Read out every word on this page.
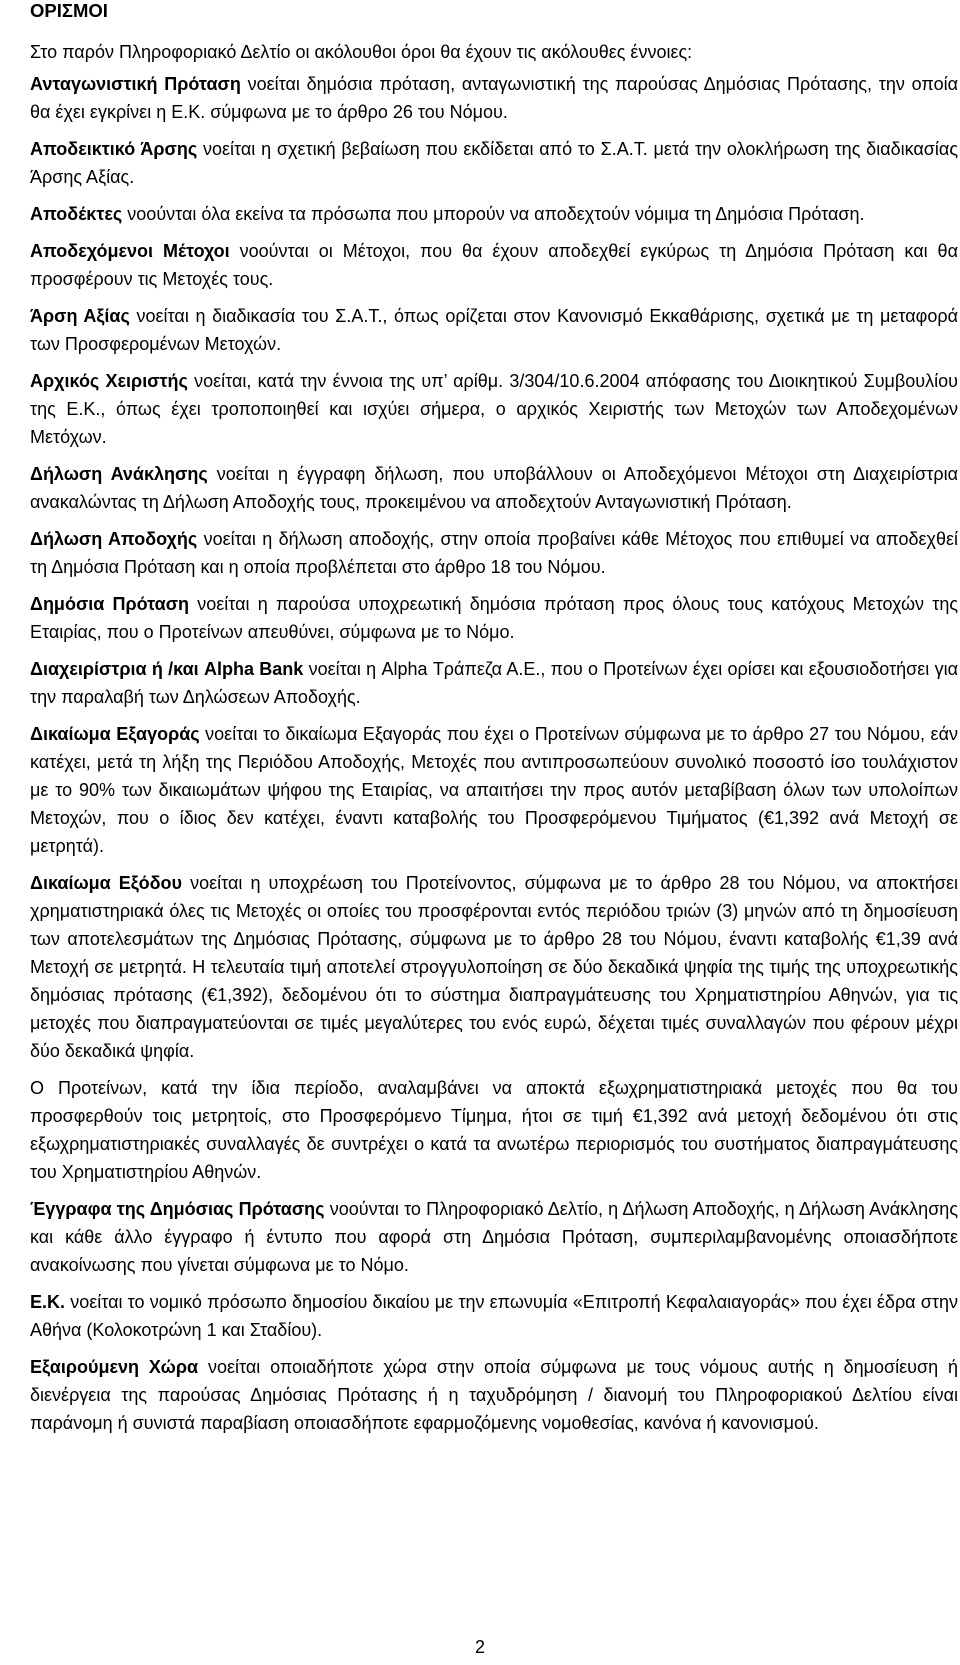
ΟΡΙΣΜΟΙ

Στο παρόν Πληροφοριακό Δελτίο οι ακόλουθοι όροι θα έχουν τις ακόλουθες έννοιες:

Ανταγωνιστική Πρόταση νοείται δημόσια πρόταση, ανταγωνιστική της παρούσας Δημόσιας Πρότασης, την οποία θα έχει εγκρίνει η Ε.Κ. σύμφωνα με το άρθρο 26 του Νόμου.

Αποδεικτικό Άρσης νοείται η σχετική βεβαίωση που εκδίδεται από το Σ.Α.Τ. μετά την ολοκλήρωση της διαδικασίας Άρσης Αξίας.

Αποδέκτες νοούνται όλα εκείνα τα πρόσωπα που μπορούν να αποδεχτούν νόμιμα τη Δημόσια Πρόταση.

Αποδεχόμενοι Μέτοχοι νοούνται οι Μέτοχοι, που θα έχουν αποδεχθεί εγκύρως τη Δημόσια Πρόταση και θα προσφέρουν τις Μετοχές τους.

Άρση Αξίας νοείται η διαδικασία του Σ.Α.Τ., όπως ορίζεται στον Κανονισμό Εκκαθάρισης, σχετικά με τη μεταφορά των Προσφερομένων Μετοχών.

Αρχικός Χειριστής νοείται, κατά την έννοια της υπ’ αρίθμ. 3/304/10.6.2004 απόφασης του Διοικητικού Συμβουλίου της Ε.Κ., όπως έχει τροποποιηθεί και ισχύει σήμερα, ο αρχικός Χειριστής των Μετοχών των Αποδεχομένων Μετόχων.

Δήλωση Ανάκλησης νοείται η έγγραφη δήλωση, που υποβάλλουν οι Αποδεχόμενοι Μέτοχοι στη Διαχειρίστρια ανακαλώντας τη Δήλωση Αποδοχής τους, προκειμένου να αποδεχτούν Ανταγωνιστική Πρόταση.

Δήλωση Αποδοχής νοείται η δήλωση αποδοχής, στην οποία προβαίνει κάθε Μέτοχος που επιθυμεί να αποδεχθεί τη Δημόσια Πρόταση και η οποία προβλέπεται στο άρθρο 18 του Νόμου.

Δημόσια Πρόταση νοείται η παρούσα υποχρεωτική δημόσια πρόταση προς όλους τους κατόχους Μετοχών της Εταιρίας, που ο Προτείνων απευθύνει, σύμφωνα με το Νόμο.

Διαχειρίστρια ή /και Alpha Bank νοείται η Alpha Τράπεζα Α.Ε., που ο Προτείνων έχει ορίσει και εξουσιοδοτήσει για την παραλαβή των Δηλώσεων Αποδοχής.

Δικαίωμα Εξαγοράς νοείται το δικαίωμα Εξαγοράς που έχει ο Προτείνων σύμφωνα με το άρθρο 27 του Νόμου, εάν κατέχει, μετά τη λήξη της Περιόδου Αποδοχής, Μετοχές που αντιπροσωπεύουν συνολικό ποσοστό ίσο τουλάχιστον με το 90% των δικαιωμάτων ψήφου της Εταιρίας, να απαιτήσει την προς αυτόν μεταβίβαση όλων των υπολοίπων Μετοχών, που ο ίδιος δεν κατέχει, έναντι καταβολής του Προσφερόμενου Τιμήματος (€1,392 ανά Μετοχή σε μετρητά).

Δικαίωμα Εξόδου νοείται η υποχρέωση του Προτείνοντος, σύμφωνα με το άρθρο 28 του Νόμου, να αποκτήσει χρηματιστηριακά όλες τις Μετοχές οι οποίες του προσφέρονται εντός περιόδου τριών (3) μηνών από τη δημοσίευση των αποτελεσμάτων της Δημόσιας Πρότασης, σύμφωνα με το άρθρο 28 του Νόμου, έναντι καταβολής €1,39 ανά Μετοχή σε μετρητά. Η τελευταία τιμή αποτελεί στρογγυλοποίηση σε δύο δεκαδικά ψηφία της τιμής της υποχρεωτικής δημόσιας πρότασης (€1,392), δεδομένου ότι το σύστημα διαπραγμάτευσης του Χρηματιστηρίου Αθηνών, για τις μετοχές που διαπραγματεύονται σε τιμές μεγαλύτερες του ενός ευρώ, δέχεται τιμές συναλλαγών που φέρουν μέχρι δύο δεκαδικά ψηφία.

Ο Προτείνων, κατά την ίδια περίοδο, αναλαμβάνει να αποκτά εξωχρηματιστηριακά μετοχές που θα του προσφερθούν τοις μετρητοίς, στο Προσφερόμενο Τίμημα, ήτοι σε τιμή €1,392 ανά μετοχή δεδομένου ότι στις εξωχρηματιστηριακές συναλλαγές δε συντρέχει ο κατά τα ανωτέρω περιορισμός του συστήματος διαπραγμάτευσης του Χρηματιστηρίου Αθηνών.

Έγγραφα της Δημόσιας Πρότασης νοούνται το Πληροφοριακό Δελτίο, η Δήλωση Αποδοχής, η Δήλωση Ανάκλησης και κάθε άλλο έγγραφο ή έντυπο που αφορά στη Δημόσια Πρόταση, συμπεριλαμβανομένης οποιασδήποτε ανακοίνωσης που γίνεται σύμφωνα με το Νόμο.

Ε.Κ. νοείται το νομικό πρόσωπο δημοσίου δικαίου με την επωνυμία «Επιτροπή Κεφαλαιαγοράς» που έχει έδρα στην Αθήνα (Κολοκοτρώνη 1 και Σταδίου).

Εξαιρούμενη Χώρα νοείται οποιαδήποτε χώρα στην οποία σύμφωνα με τους νόμους αυτής η δημοσίευση ή διενέργεια της παρούσας Δημόσιας Πρότασης ή η ταχυδρόμηση / διανομή του Πληροφοριακού Δελτίου είναι παράνομη ή συνιστά παραβίαση οποιασδήποτε εφαρμοζόμενης νομοθεσίας, κανόνα ή κανονισμού.

2
